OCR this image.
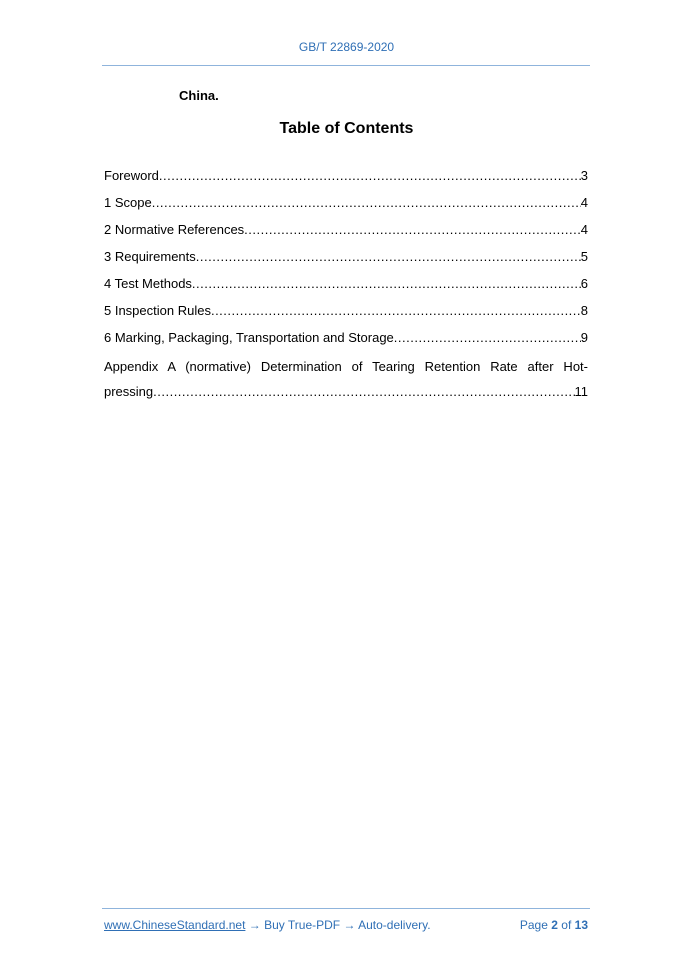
GB/T 22869-2020
China.
Table of Contents
Foreword .....	3
1 Scope .....	4
2 Normative References .....	4
3 Requirements .....	5
4 Test Methods .....	6
5 Inspection Rules .....	8
6 Marking, Packaging, Transportation and Storage .....	9
Appendix A (normative) Determination of Tearing Retention Rate after Hot-
pressing .....	11
www.ChineseStandard.net → Buy True-PDF → Auto-delivery.	Page 2 of 13
